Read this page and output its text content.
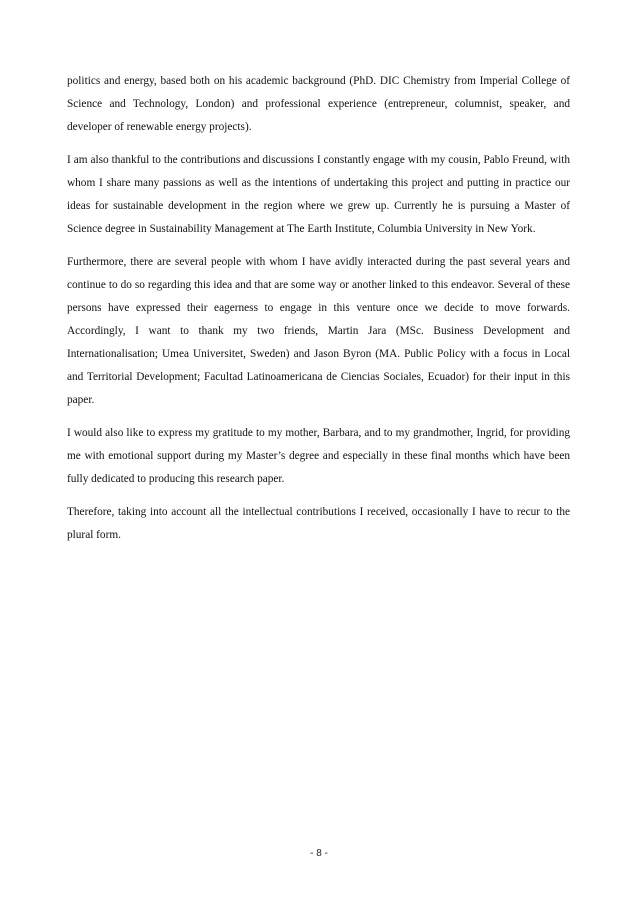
politics and energy, based both on his academic background (PhD. DIC Chemistry from Imperial College of Science and Technology, London) and professional experience (entrepreneur, columnist, speaker, and developer of renewable energy projects).

I am also thankful to the contributions and discussions I constantly engage with my cousin, Pablo Freund, with whom I share many passions as well as the intentions of undertaking this project and putting in practice our ideas for sustainable development in the region where we grew up. Currently he is pursuing a Master of Science degree in Sustainability Management at The Earth Institute, Columbia University in New York.

Furthermore, there are several people with whom I have avidly interacted during the past several years and continue to do so regarding this idea and that are some way or another linked to this endeavor. Several of these persons have expressed their eagerness to engage in this venture once we decide to move forwards. Accordingly, I want to thank my two friends, Martin Jara (MSc. Business Development and Internationalisation; Umea Universitet, Sweden) and Jason Byron (MA. Public Policy with a focus in Local and Territorial Development; Facultad Latinoamericana de Ciencias Sociales, Ecuador) for their input in this paper.

I would also like to express my gratitude to my mother, Barbara, and to my grandmother, Ingrid, for providing me with emotional support during my Master’s degree and especially in these final months which have been fully dedicated to producing this research paper.

Therefore, taking into account all the intellectual contributions I received, occasionally I have to recur to the plural form.

- 8 -
